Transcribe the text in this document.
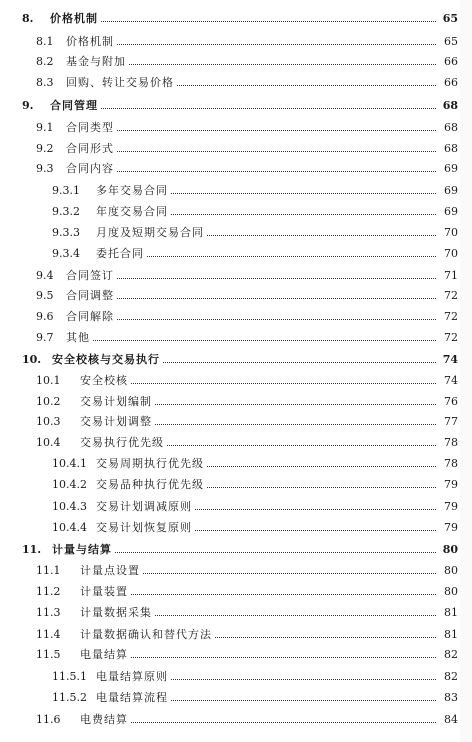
8.	价格机制	65
8.1	价格机制	65
8.2	基金与附加	66
8.3	回购、转让交易价格	66
9.	合同管理	68
9.1	合同类型	68
9.2	合同形式	68
9.3	合同内容	69
9.3.1	多年交易合同	69
9.3.2	年度交易合同	69
9.3.3	月度及短期交易合同	70
9.3.4	委托合同	70
9.4	合同签订	71
9.5	合同调整	72
9.6	合同解除	72
9.7	其他	72
10. 安全校核与交易执行	74
10.1	安全校核	74
10.2	交易计划编制	76
10.3	交易计划调整	77
10.4	交易执行优先级	78
10.4.1 交易周期执行优先级	78
10.4.2 交易品种执行优先级	79
10.4.3 交易计划调减原则	79
10.4.4 交易计划恢复原则	79
11. 计量与结算	80
11.1	计量点设置	80
11.2	计量装置	80
11.3	计量数据采集	81
11.4	计量数据确认和替代方法	81
11.5	电量结算	82
11.5.1 电量结算原则	82
11.5.2 电量结算流程	83
11.6	电费结算	84
